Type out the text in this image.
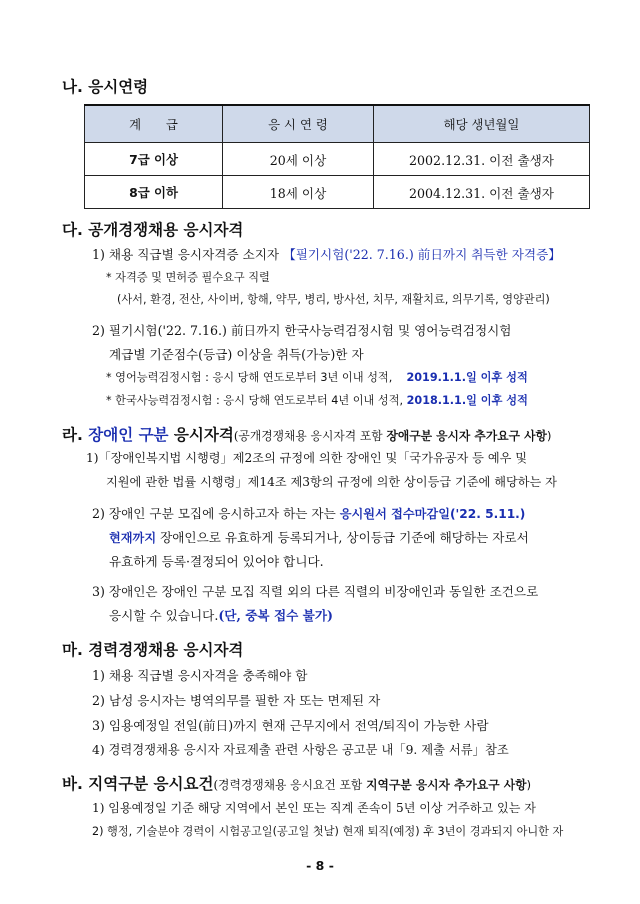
나. 응시연령
계　　급	응 시 연 령	해당 생년월일
7급 이상	20세 이상	2002.12.31. 이전 출생자
8급 이하	18세 이상	2004.12.31. 이전 출생자
다. 공개경쟁채용 응시자격
1) 채용 직급별 응시자격증 소지자 【필기시험('22. 7.16.) 前日까지 취득한 자격증】
* 자격증 및 면허증 필수요구 직렬
(사서, 환경, 전산, 사이버, 항해, 약무, 병리, 방사선, 치무, 재활치료, 의무기록, 영양관리)
2) 필기시험('22. 7.16.) 前日까지 한국사능력검정시험 및 영어능력검정시험
계급별 기준점수(등급) 이상을 취득(가능)한 자
* 영어능력검정시험 : 응시 당해 연도로부터 3년 이내 성적, 2019.1.1.일 이후 성적
* 한국사능력검정시험 : 응시 당해 연도로부터 4년 이내 성적, 2018.1.1.일 이후 성적
라. 장애인 구분 응시자격(공개경쟁채용 응시자격 포함 장애구분 응시자 추가요구 사항)
1)「장애인복지법 시행령」제2조의 규정에 의한 장애인 및「국가유공자 등 예우 및
지원에 관한 법률 시행령」제14조 제3항의 규정에 의한 상이등급 기준에 해당하는 자
2) 장애인 구분 모집에 응시하고자 하는 자는 응시원서 접수마감일('22. 5.11.)
현재까지 장애인으로 유효하게 등록되거나, 상이등급 기준에 해당하는 자로서
유효하게 등록·결정되어 있어야 합니다.
3) 장애인은 장애인 구분 모집 직렬 외의 다른 직렬의 비장애인과 동일한 조건으로
응시할 수 있습니다.(단, 중복 접수 불가)
마. 경력경쟁채용 응시자격
1) 채용 직급별 응시자격을 충족해야 함
2) 남성 응시자는 병역의무를 필한 자 또는 면제된 자
3) 임용예정일 전일(前日)까지 현재 근무지에서 전역/퇴직이 가능한 사람
4) 경력경쟁채용 응시자 자료제출 관련 사항은 공고문 내「9. 제출 서류」참조
바. 지역구분 응시요건(경력경쟁채용 응시요건 포함 지역구분 응시자 추가요구 사항)
1) 임용예정일 기준 해당 지역에서 본인 또는 직계 존속이 5년 이상 거주하고 있는 자
2) 행정, 기술분야 경력이 시험공고일(공고일 첫날) 현재 퇴직(예정) 후 3년이 경과되지 아니한 자
- 8 -
